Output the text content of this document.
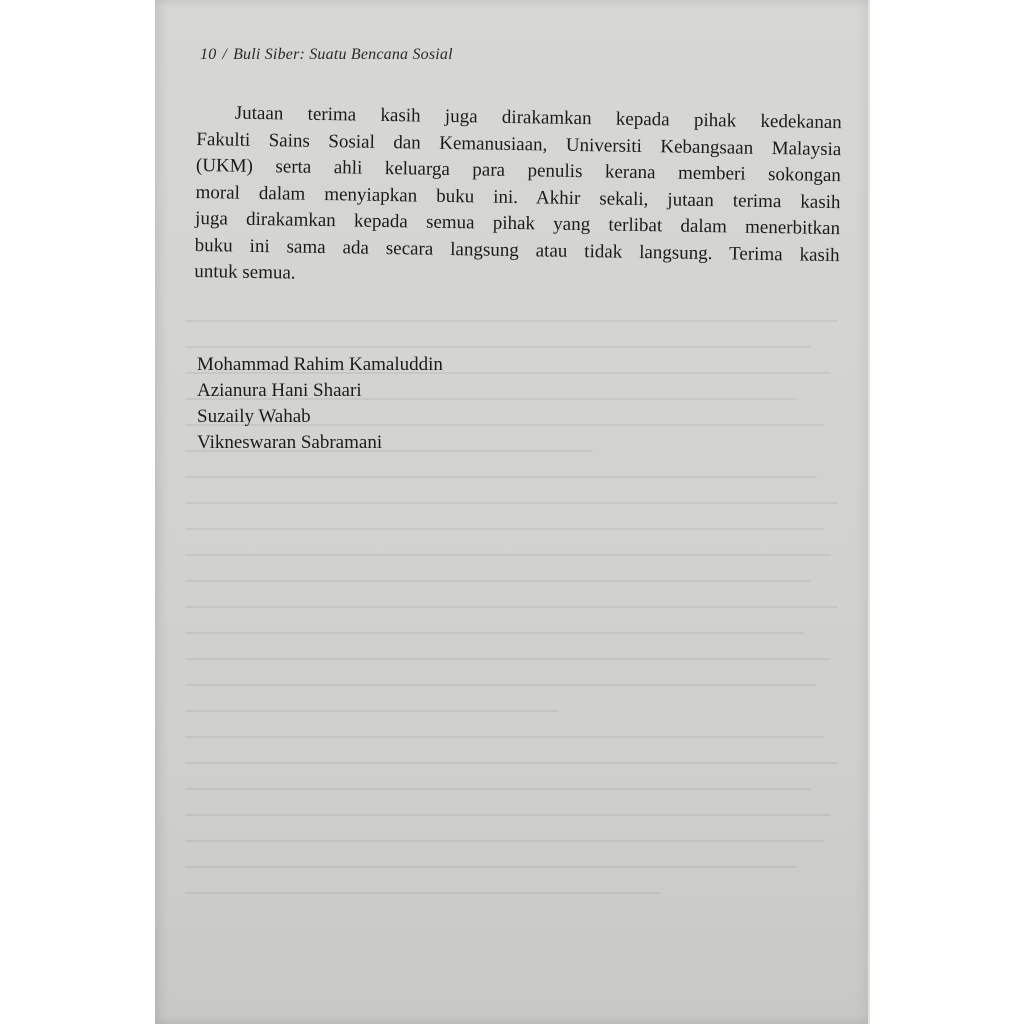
10 / Buli Siber: Suatu Bencana Sosial
Jutaan terima kasih juga dirakamkan kepada pihak kedekanan
Fakulti Sains Sosial dan Kemanusiaan, Universiti Kebangsaan Malaysia
(UKM) serta ahli keluarga para penulis kerana memberi sokongan
moral dalam menyiapkan buku ini. Akhir sekali, jutaan terima kasih
juga dirakamkan kepada semua pihak yang terlibat dalam menerbitkan
buku ini sama ada secara langsung atau tidak langsung. Terima kasih
untuk semua.
Mohammad Rahim Kamaluddin
Azianura Hani Shaari
Suzaily Wahab
Vikneswaran Sabramani
